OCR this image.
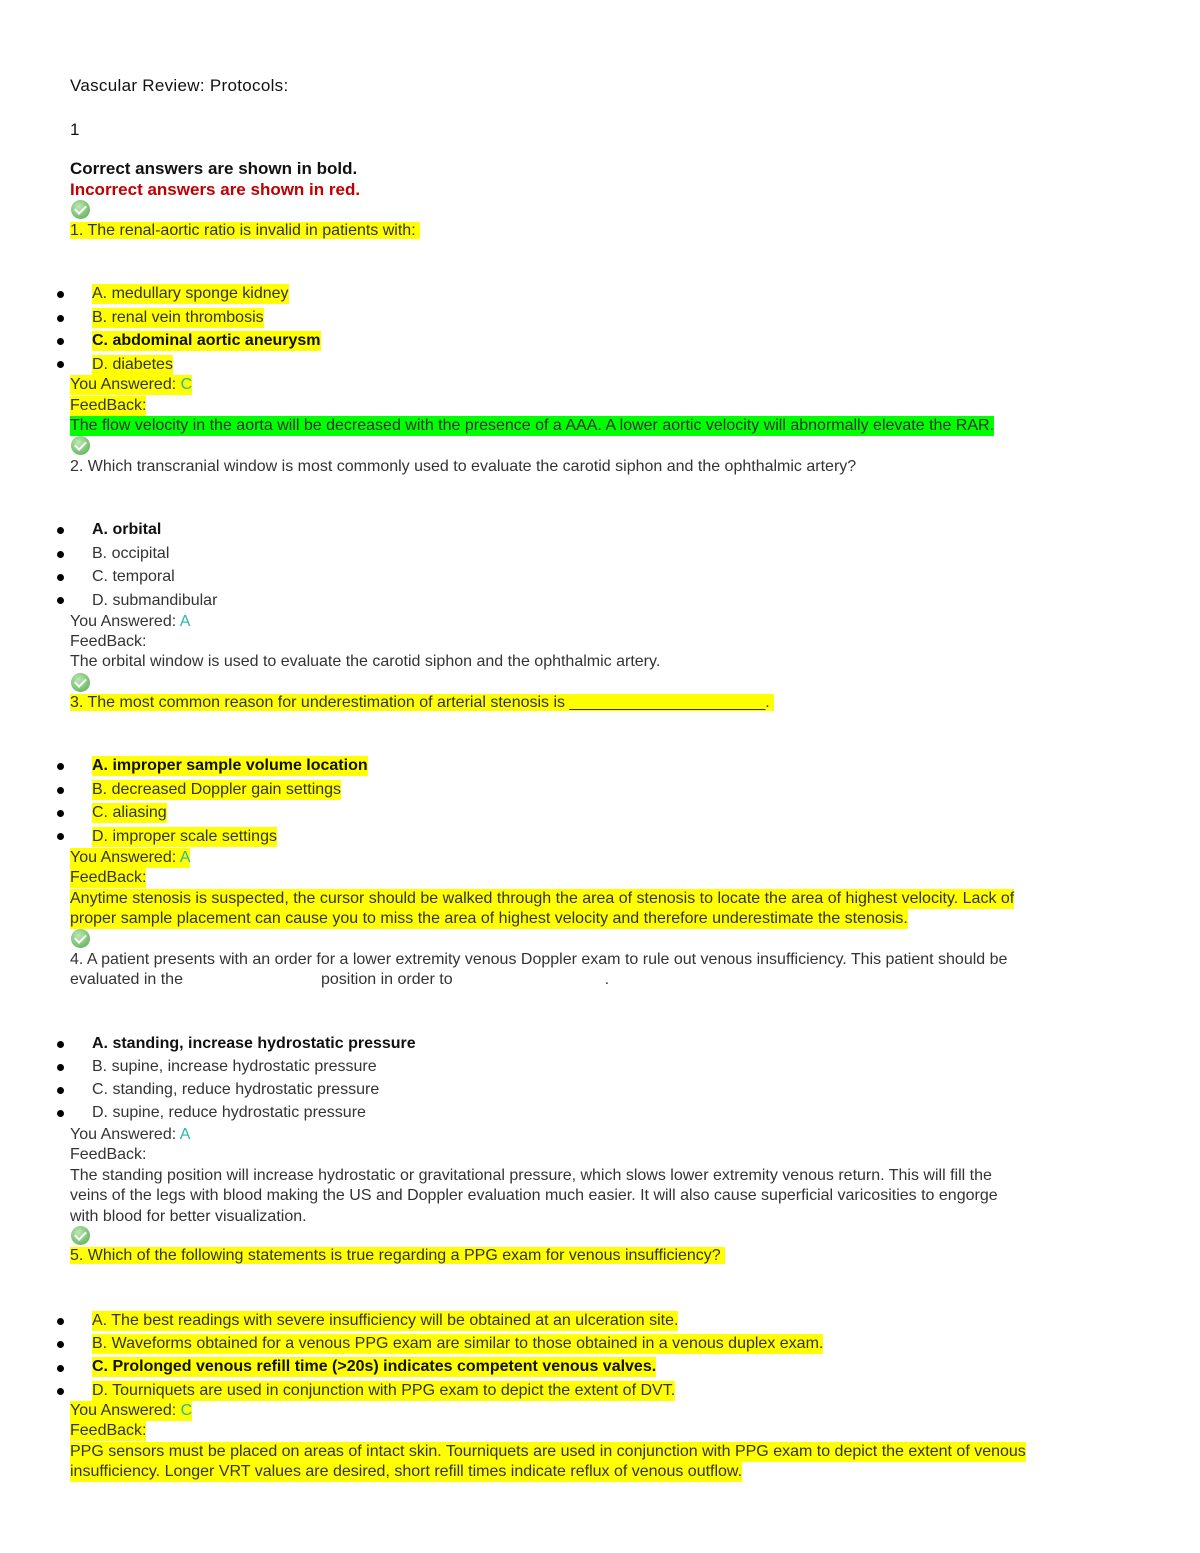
Vascular Review: Protocols:
1
Correct answers are shown in bold.
Incorrect answers are shown in red.
1. The renal-aortic ratio is invalid in patients with:
A. medullary sponge kidney
B. renal vein thrombosis
C. abdominal aortic aneurysm
D. diabetes
You Answered: C
FeedBack:
The flow velocity in the aorta will be decreased with the presence of a AAA. A lower aortic velocity will abnormally elevate the RAR.
2. Which transcranial window is most commonly used to evaluate the carotid siphon and the ophthalmic artery?
A. orbital
B. occipital
C. temporal
D. submandibular
You Answered: A
FeedBack:
The orbital window is used to evaluate the carotid siphon and the ophthalmic artery.
3. The most common reason for underestimation of arterial stenosis is ______________________.
A. improper sample volume location
B. decreased Doppler gain settings
C. aliasing
D. improper scale settings
You Answered: A
FeedBack:
Anytime stenosis is suspected, the cursor should be walked through the area of stenosis to locate the area of highest velocity. Lack of
proper sample placement can cause you to miss the area of highest velocity and therefore underestimate the stenosis.
4. A patient presents with an order for a lower extremity venous Doppler exam to rule out venous insufficiency. This patient should be
evaluated in the	position in order to	.
A. standing, increase hydrostatic pressure
B. supine, increase hydrostatic pressure
C. standing, reduce hydrostatic pressure
D. supine, reduce hydrostatic pressure
You Answered: A
FeedBack:
The standing position will increase hydrostatic or gravitational pressure, which slows lower extremity venous return. This will fill the
veins of the legs with blood making the US and Doppler evaluation much easier. It will also cause superficial varicosities to engorge
with blood for better visualization.
5. Which of the following statements is true regarding a PPG exam for venous insufficiency?
A. The best readings with severe insufficiency will be obtained at an ulceration site.
B. Waveforms obtained for a venous PPG exam are similar to those obtained in a venous duplex exam.
C. Prolonged venous refill time (>20s) indicates competent venous valves.
D. Tourniquets are used in conjunction with PPG exam to depict the extent of DVT.
You Answered: C
FeedBack:
PPG sensors must be placed on areas of intact skin. Tourniquets are used in conjunction with PPG exam to depict the extent of venous
insufficiency. Longer VRT values are desired, short refill times indicate reflux of venous outflow.
